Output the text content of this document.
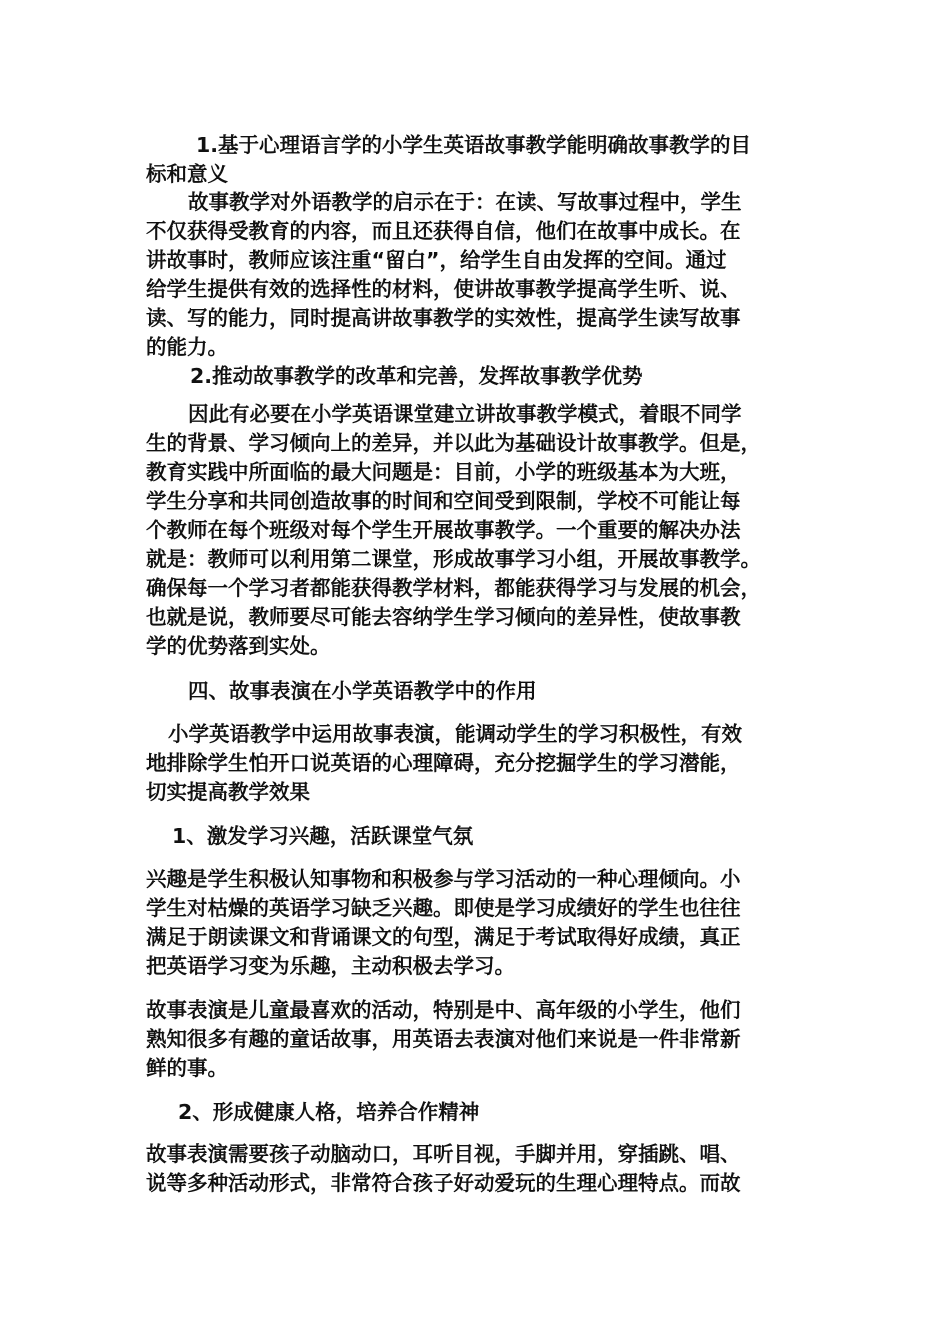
1.基于心理语言学的小学生英语故事教学能明确故事教学的目
标和意义
故事教学对外语教学的启示在于：在读、写故事过程中，学生
不仅获得受教育的内容，而且还获得自信，他们在故事中成长。在
讲故事时，教师应该注重“留白”，给学生自由发挥的空间。通过
给学生提供有效的选择性的材料，使讲故事教学提高学生听、说、
读、写的能力，同时提高讲故事教学的实效性，提高学生读写故事
的能力。
2.推动故事教学的改革和完善，发挥故事教学优势
因此有必要在小学英语课堂建立讲故事教学模式，着眼不同学
生的背景、学习倾向上的差异，并以此为基础设计故事教学。但是，
教育实践中所面临的最大问题是：目前，小学的班级基本为大班，
学生分享和共同创造故事的时间和空间受到限制，学校不可能让每
个教师在每个班级对每个学生开展故事教学。一个重要的解决办法
就是：教师可以利用第二课堂，形成故事学习小组，开展故事教学。
确保每一个学习者都能获得教学材料，都能获得学习与发展的机会，
也就是说，教师要尽可能去容纳学生学习倾向的差异性，使故事教
学的优势落到实处。
四、故事表演在小学英语教学中的作用
小学英语教学中运用故事表演，能调动学生的学习积极性，有效
地排除学生怕开口说英语的心理障碍，充分挖掘学生的学习潜能，
切实提高教学效果
1、激发学习兴趣，活跃课堂气氛
兴趣是学生积极认知事物和积极参与学习活动的一种心理倾向。小
学生对枯燥的英语学习缺乏兴趣。即使是学习成绩好的学生也往往
满足于朗读课文和背诵课文的句型，满足于考试取得好成绩，真正
把英语学习变为乐趣，主动积极去学习。
故事表演是儿童最喜欢的活动，特别是中、高年级的小学生，他们
熟知很多有趣的童话故事，用英语去表演对他们来说是一件非常新
鲜的事。
2、形成健康人格，培养合作精神
故事表演需要孩子动脑动口，耳听目视，手脚并用，穿插跳、唱、
说等多种活动形式，非常符合孩子好动爱玩的生理心理特点。而故
